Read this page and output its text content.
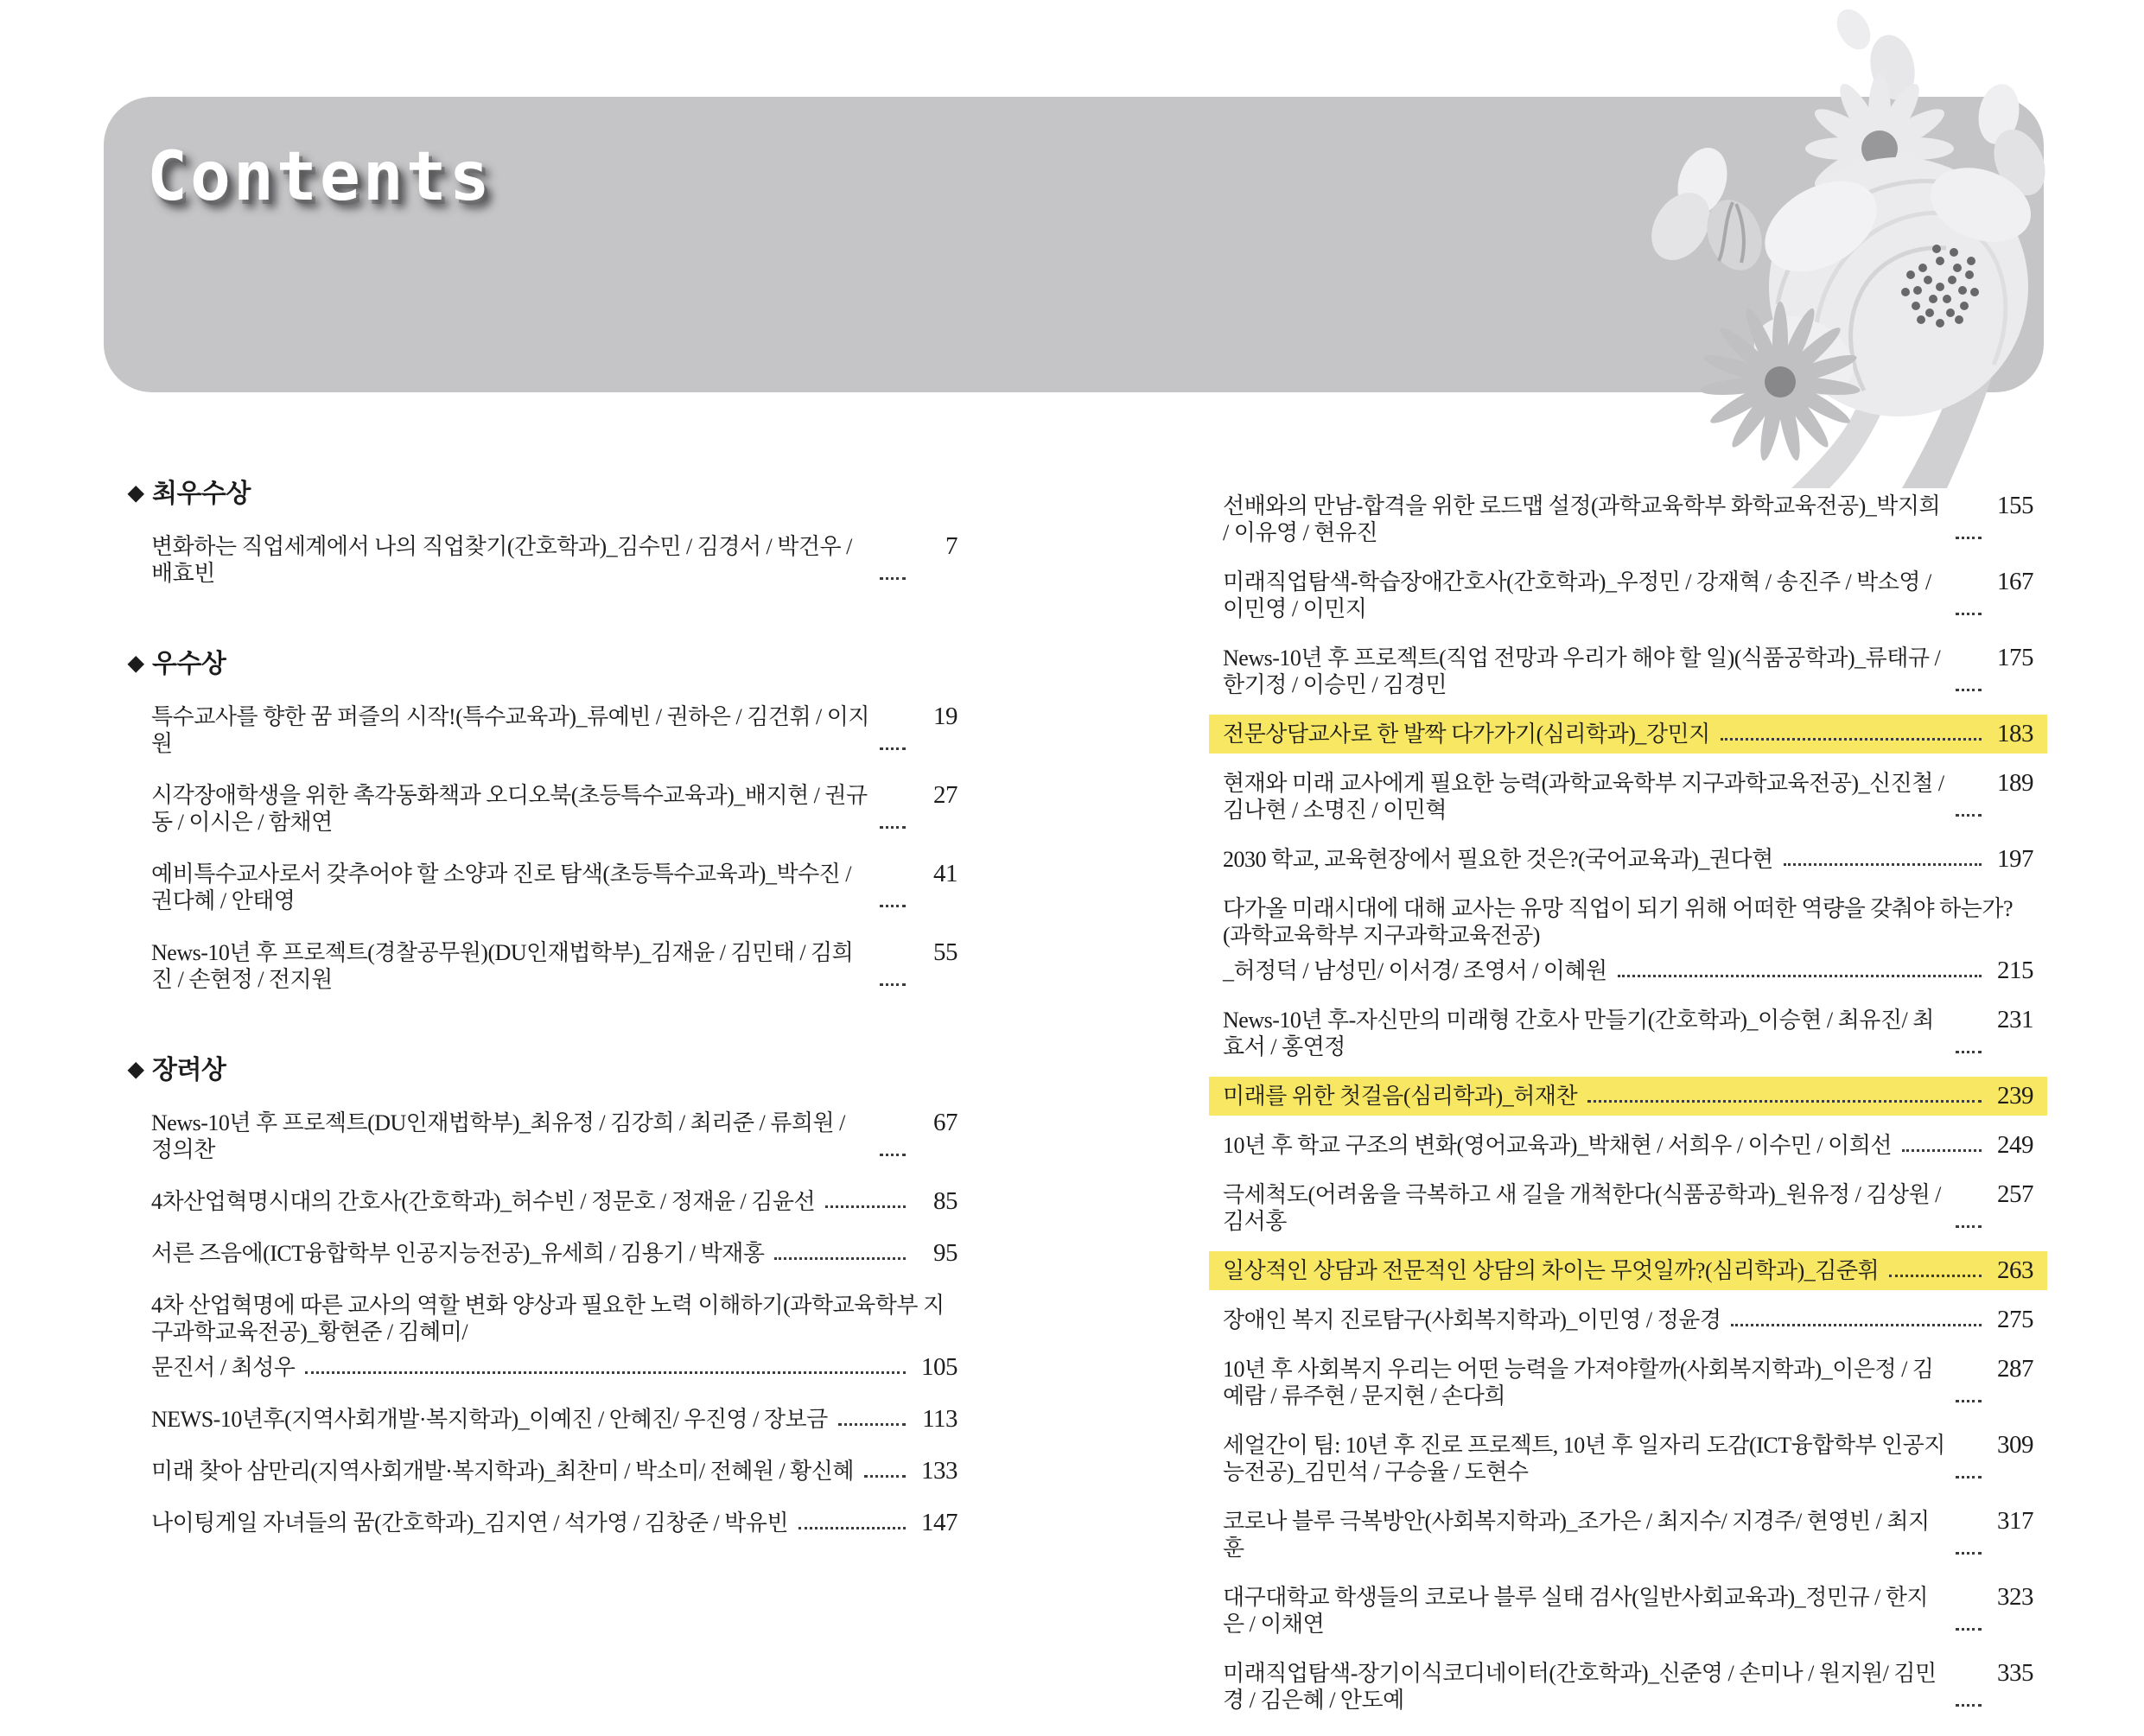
Contents
◆ 최우수상
변화하는 직업세계에서 나의 직업찾기(간호학과)_김수민 / 김경서 / 박건우 / 배효빈
7
◆ 우수상
특수교사를 향한 꿈 퍼즐의 시작!(특수교육과)_류예빈 / 권하은 / 김건휘 / 이지원
19
시각장애학생을 위한 촉각동화책과 오디오북(초등특수교육과)_배지현 / 권규동 / 이시은 / 함채연
27
예비특수교사로서 갖추어야 할 소양과 진로 탐색(초등특수교육과)_박수진 / 권다혜 / 안태영
41
News-10년 후 프로젝트(경찰공무원)(DU인재법학부)_김재윤 / 김민태 / 김희진 / 손현정 / 전지원
55
◆ 장려상
News-10년 후 프로젝트(DU인재법학부)_최유정 / 김강희 / 최리준 / 류희원 / 정의찬
67
4차산업혁명시대의 간호사(간호학과)_허수빈 / 정문호 / 정재윤 / 김윤선	85
서른 즈음에(ICT융합학부 인공지능전공)_유세희 / 김용기 / 박재홍	95
4차 산업혁명에 따른 교사의 역할 변화 양상과 필요한 노력 이해하기(과학교육학부 지구과학교육전공)_황현준 / 김혜미/
문진서 / 최성우	105
NEWS-10년후(지역사회개발·복지학과)_이예진 / 안혜진/ 우진영 / 장보금	113
미래 찾아 삼만리(지역사회개발·복지학과)_최찬미 / 박소미/ 전혜원 / 황신혜	133
나이팅게일 자녀들의 꿈(간호학과)_김지연 / 석가영 / 김창준 / 박유빈	147
선배와의 만남-합격을 위한 로드맵 설정(과학교육학부 화학교육전공)_박지희 / 이유영 / 현유진
155
미래직업탐색-학습장애간호사(간호학과)_우정민 / 강재혁 / 송진주 / 박소영 / 이민영 / 이민지
167
News-10년 후 프로젝트(직업 전망과 우리가 해야 할 일)(식품공학과)_류태규 / 한기정 / 이승민 / 김경민
175
전문상담교사로 한 발짝 다가가기(심리학과)_강민지	183
현재와 미래 교사에게 필요한 능력(과학교육학부 지구과학교육전공)_신진철 / 김나현 / 소명진 / 이민혁
189
2030 학교, 교육현장에서 필요한 것은?(국어교육과)_권다현	197
다가올 미래시대에 대해 교사는 유망 직업이 되기 위해 어떠한 역량을 갖춰야 하는가?(과학교육학부 지구과학교육전공)
_허정덕 / 남성민/ 이서경/ 조영서 / 이혜원	215
News-10년 후-자신만의 미래형 간호사 만들기(간호학과)_이승현 / 최유진/ 최효서 / 홍연정
231
미래를 위한 첫걸음(심리학과)_허재찬	239
10년 후 학교 구조의 변화(영어교육과)_박채현 / 서희우 / 이수민 / 이희선	249
극세척도(어려움을 극복하고 새 길을 개척한다(식품공학과)_원유정 / 김상원 / 김서홍
257
일상적인 상담과 전문적인 상담의 차이는 무엇일까?(심리학과)_김준휘	263
장애인 복지 진로탐구(사회복지학과)_이민영 / 정윤경	275
10년 후 사회복지 우리는 어떤 능력을 가져야할까(사회복지학과)_이은정 / 김예람 / 류주현 / 문지현 / 손다희
287
세얼간이 팀: 10년 후 진로 프로젝트, 10년 후 일자리 도감(ICT융합학부 인공지능전공)_김민석 / 구승율 / 도현수
309
코로나 블루 극복방안(사회복지학과)_조가은 / 최지수/ 지경주/ 현영빈 / 최지훈
317
대구대학교 학생들의 코로나 블루 실태 검사(일반사회교육과)_정민규 / 한지은 / 이채연
323
미래직업탐색-장기이식코디네이터(간호학과)_신준영 / 손미나 / 원지원/ 김민경 / 김은혜 / 안도예
335
